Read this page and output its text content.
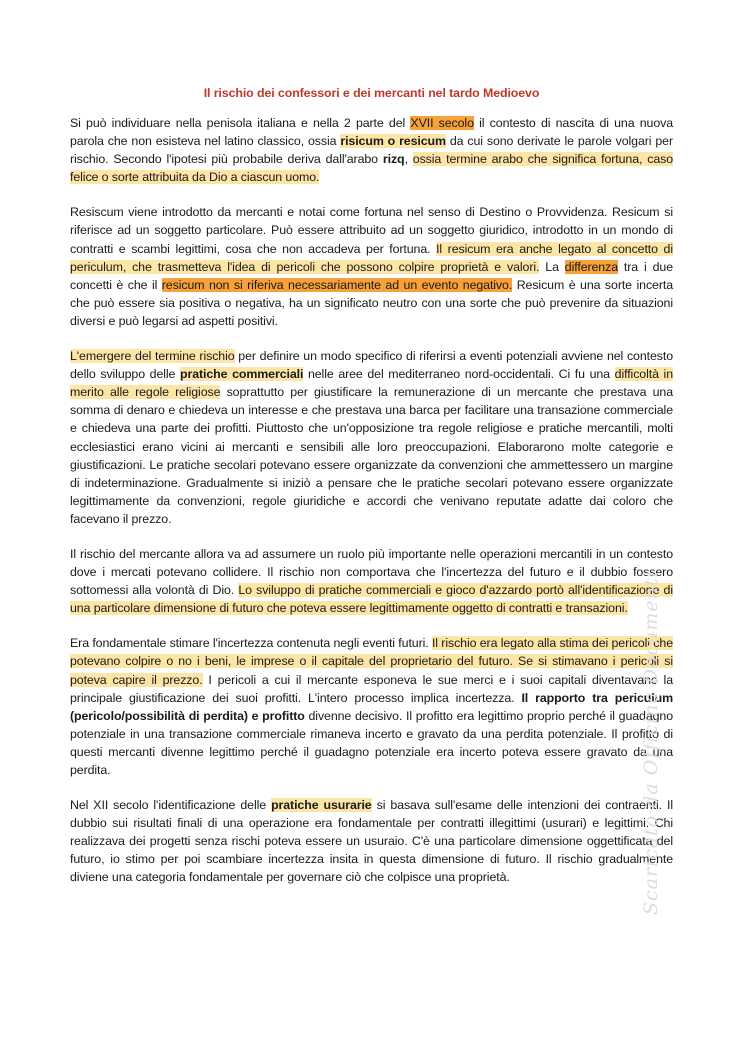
Il rischio dei confessori e dei mercanti nel tardo Medioevo

Si può individuare nella penisola italiana e nella 2 parte del XVII secolo il contesto di nascita di una nuova parola che non esisteva nel latino classico, ossia risicum o resicum da cui sono derivate le parole volgari per rischio. Secondo l'ipotesi più probabile deriva dall'arabo rizq, ossia termine arabo che significa fortuna, caso felice o sorte attribuita da Dio a ciascun uomo.

Resiscum viene introdotto da mercanti e notai come fortuna nel senso di Destino o Provvidenza. Resicum si riferisce ad un soggetto particolare. Può essere attribuito ad un soggetto giuridico, introdotto in un mondo di contratti e scambi legittimi, cosa che non accadeva per fortuna. Il resicum era anche legato al concetto di periculum, che trasmetteva l'idea di pericoli che possono colpire proprietà e valori. La differenza tra i due concetti è che il resicum non si riferiva necessariamente ad un evento negativo. Resicum è una sorte incerta che può essere sia positiva o negativa, ha un significato neutro con una sorte che può prevenire da situazioni diversi e può legarsi ad aspetti positivi.

L'emergere del termine rischio per definire un modo specifico di riferirsi a eventi potenziali avviene nel contesto dello sviluppo delle pratiche commerciali nelle aree del mediterraneo nord-occidentali. Ci fu una difficoltà in merito alle regole religiose soprattutto per giustificare la remunerazione di un mercante che prestava una somma di denaro e chiedeva un interesse e che prestava una barca per facilitare una transazione commerciale e chiedeva una parte dei profitti. Piuttosto che un'opposizione tra regole religiose e pratiche mercantili, molti ecclesiastici erano vicini ai mercanti e sensibili alle loro preoccupazioni. Elaborarono molte categorie e giustificazioni. Le pratiche secolari potevano essere organizzate da convenzioni che ammettessero un margine di indeterminazione. Gradualmente si iniziò a pensare che le pratiche secolari potevano essere organizzate legittimamente da convenzioni, regole giuridiche e accordi che venivano reputate adatte dai coloro che facevano il prezzo.

Il rischio del mercante allora va ad assumere un ruolo più importante nelle operazioni mercantili in un contesto dove i mercati potevano collidere. Il rischio non comportava che l'incertezza del futuro e il dubbio fossero sottomessi alla volontà di Dio. Lo sviluppo di pratiche commerciali e gioco d'azzardo portò all'identificazione di una particolare dimensione di futuro che poteva essere legittimamente oggetto di contratti e transazioni.

Era fondamentale stimare l'incertezza contenuta negli eventi futuri. Il rischio era legato alla stima dei pericoli che potevano colpire o no i beni, le imprese o il capitale del proprietario del futuro. Se si stimavano i pericoli si poteva capire il prezzo. I pericoli a cui il mercante esponeva le sue merci e i suoi capitali diventavano la principale giustificazione dei suoi profitti. L'intero processo implica incertezza. Il rapporto tra periculum (pericolo/possibilità di perdita) e profitto divenne decisivo. Il profitto era legittimo proprio perché il guadagno potenziale in una transazione commerciale rimaneva incerto e gravato da una perdita potenziale. Il profitto di questi mercanti divenne legittimo perché il guadagno potenziale era incerto poteva essere gravato da una perdita.

Nel XII secolo l'identificazione delle pratiche usurarie si basava sull'esame delle intenzioni dei contraenti. Il dubbio sui risultati finali di una operazione era fondamentale per contratti illegittimi (usurari) e legittimi. Chi realizzava dei progetti senza rischi poteva essere un usuraio. C'è una particolare dimensione oggettificata del futuro, io stimo per poi scambiare incertezza insita in questa dimensione di futuro. Il rischio gradualmente diviene una categoria fondamentale per governare ciò che colpisce una proprietà.	Scaricato da Officina Documenti
